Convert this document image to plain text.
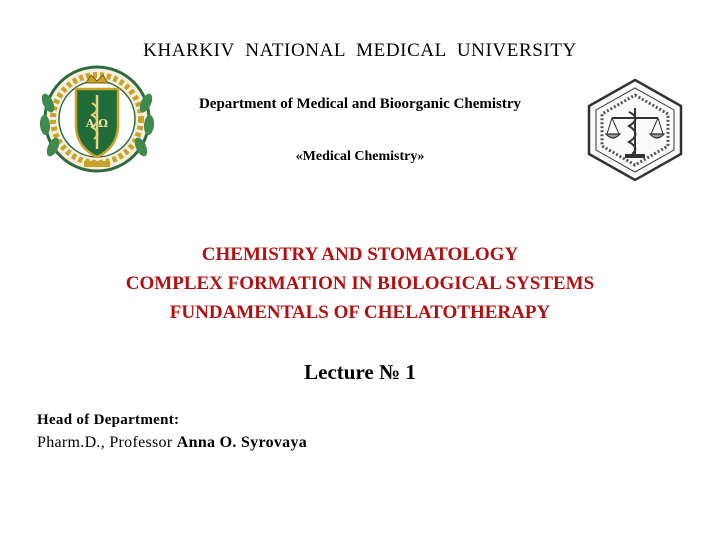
KHARKIV  NATIONAL  MEDICAL  UNIVERSITY
A Ω
Department of Medical and Bioorganic Chemistry
«Medical Chemistry»
CHEMISTRY AND STOMATOLOGY
COMPLEX FORMATION IN BIOLOGICAL SYSTEMS
FUNDAMENTALS OF CHELATOTHERAPY
Lecture № 1
Head of Department:
Pharm.D., Professor Anna O. Syrovaya
